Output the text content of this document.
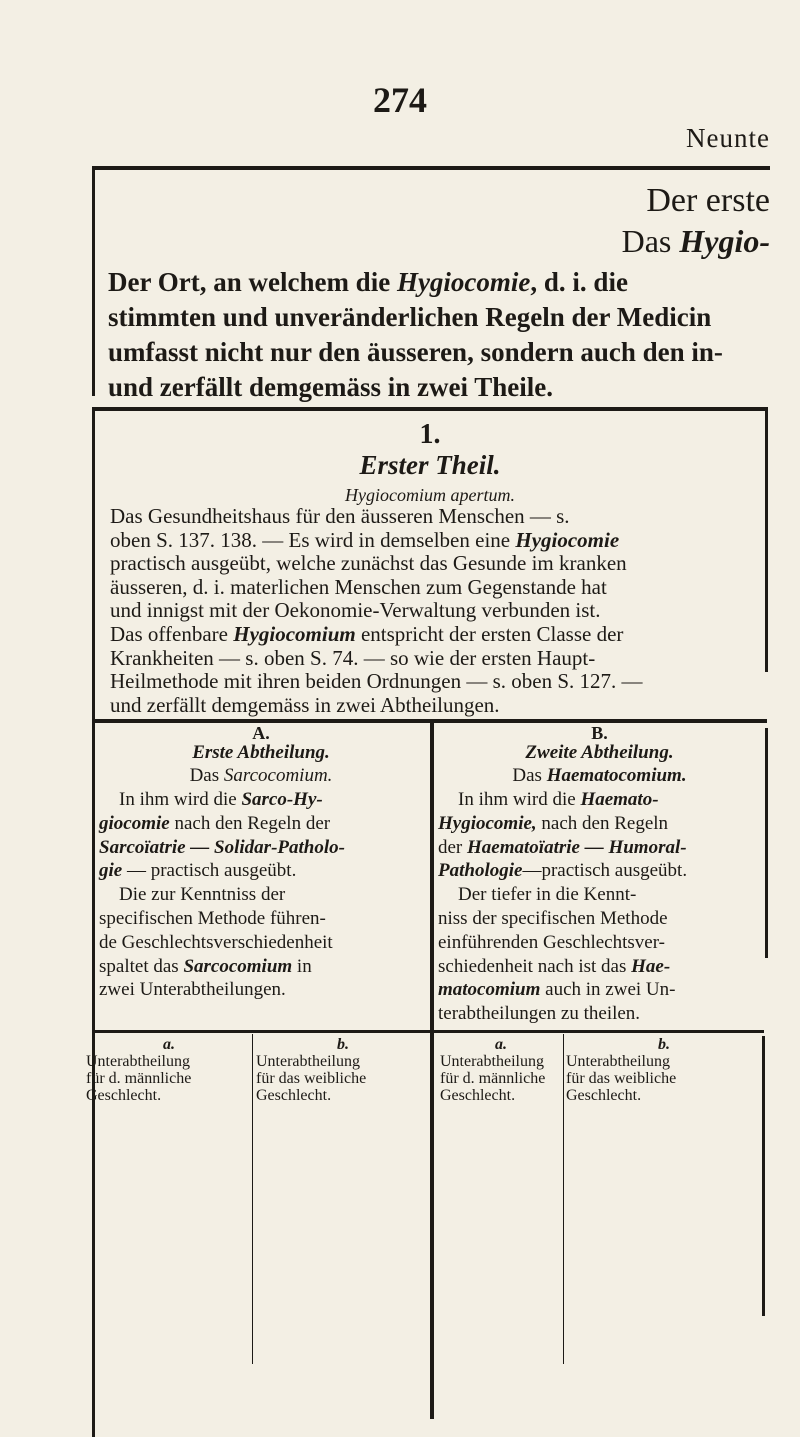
274
Neunte
Der erste
Das Hygio-

Der Ort, an welchem die Hygiocomie, d. i. die

stimmten und unveränderlichen Regeln der Medicin

umfasst nicht nur den äusseren, sondern auch den in-

und zerfällt demgemäss in zwei Theile.

1.
Erster Theil.
Hygiocomium apertum.

Das Gesundheitshaus für den äusseren Menschen — s.

oben S. 137. 138. — Es wird in demselben eine Hygiocomie

practisch ausgeübt, welche zunächst das Gesunde im kranken

äusseren, d. i. materlichen Menschen zum Gegenstande hat

und innigst mit der Oekonomie-Verwaltung verbunden ist.

Das offenbare Hygiocomium entspricht der ersten Classe der

Krankheiten — s. oben S. 74. — so wie der ersten Haupt-

Heilmethode mit ihren beiden Ordnungen — s. oben S. 127. —

und zerfällt demgemäss in zwei Abtheilungen.

A.
Erste Abtheilung.
Das Sarcocomium.

In ihm wird die Sarco-Hy-

giocomie nach den Regeln der

Sarcoïatrie — Solidar-Patholo-

gie — practisch ausgeübt.

Die zur Kenntniss der

specifischen Methode führen-

de Geschlechtsverschiedenheit

spaltet das Sarcocomium in

zwei Unterabtheilungen.

B.
Zweite Abtheilung.
Das Haematocomium.

In ihm wird die Haemato-

Hygiocomie, nach den Regeln

der Haematoïatrie — Humoral-

Pathologie—practisch ausgeübt.

Der tiefer in die Kennt-

niss der specifischen Methode

einführenden Geschlechtsver-

schiedenheit nach ist das Hae-

matocomium auch in zwei Un-

terabtheilungen zu theilen.

a.

Unterabtheilung

für d. männliche

Geschlecht.

b.

Unterabtheilung

für das weibliche

Geschlecht.

a.

Unterabtheilung

für d. männliche

Geschlecht.

b.

Unterabtheilung

für das weibliche

Geschlecht.
